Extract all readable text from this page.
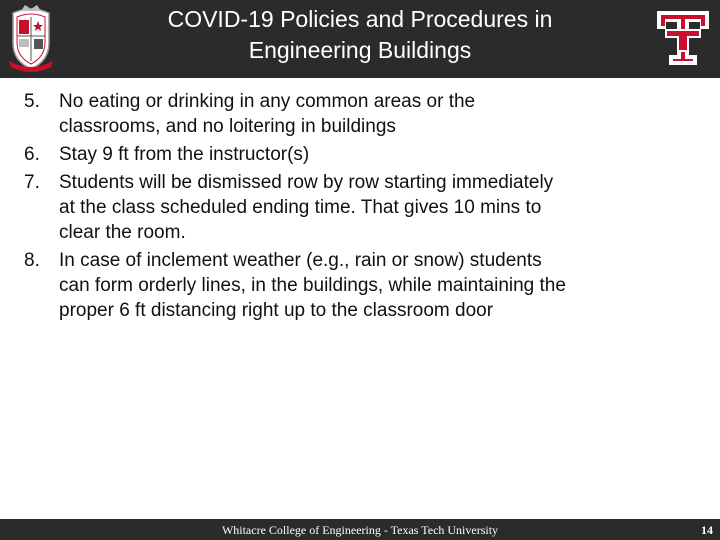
COVID-19 Policies and Procedures in
Engineering Buildings
5. No eating or drinking in any common areas or the
classrooms, and no loitering in buildings
6. Stay 9 ft from the instructor(s)
7. Students will be dismissed row by row starting immediately
at the class scheduled ending time. That gives 10 mins to
clear the room.
8. In case of inclement weather (e.g., rain or snow) students
can form orderly lines, in the buildings, while maintaining the
proper 6 ft distancing right up to the classroom door
Whitacre College of Engineering - Texas Tech University	14
